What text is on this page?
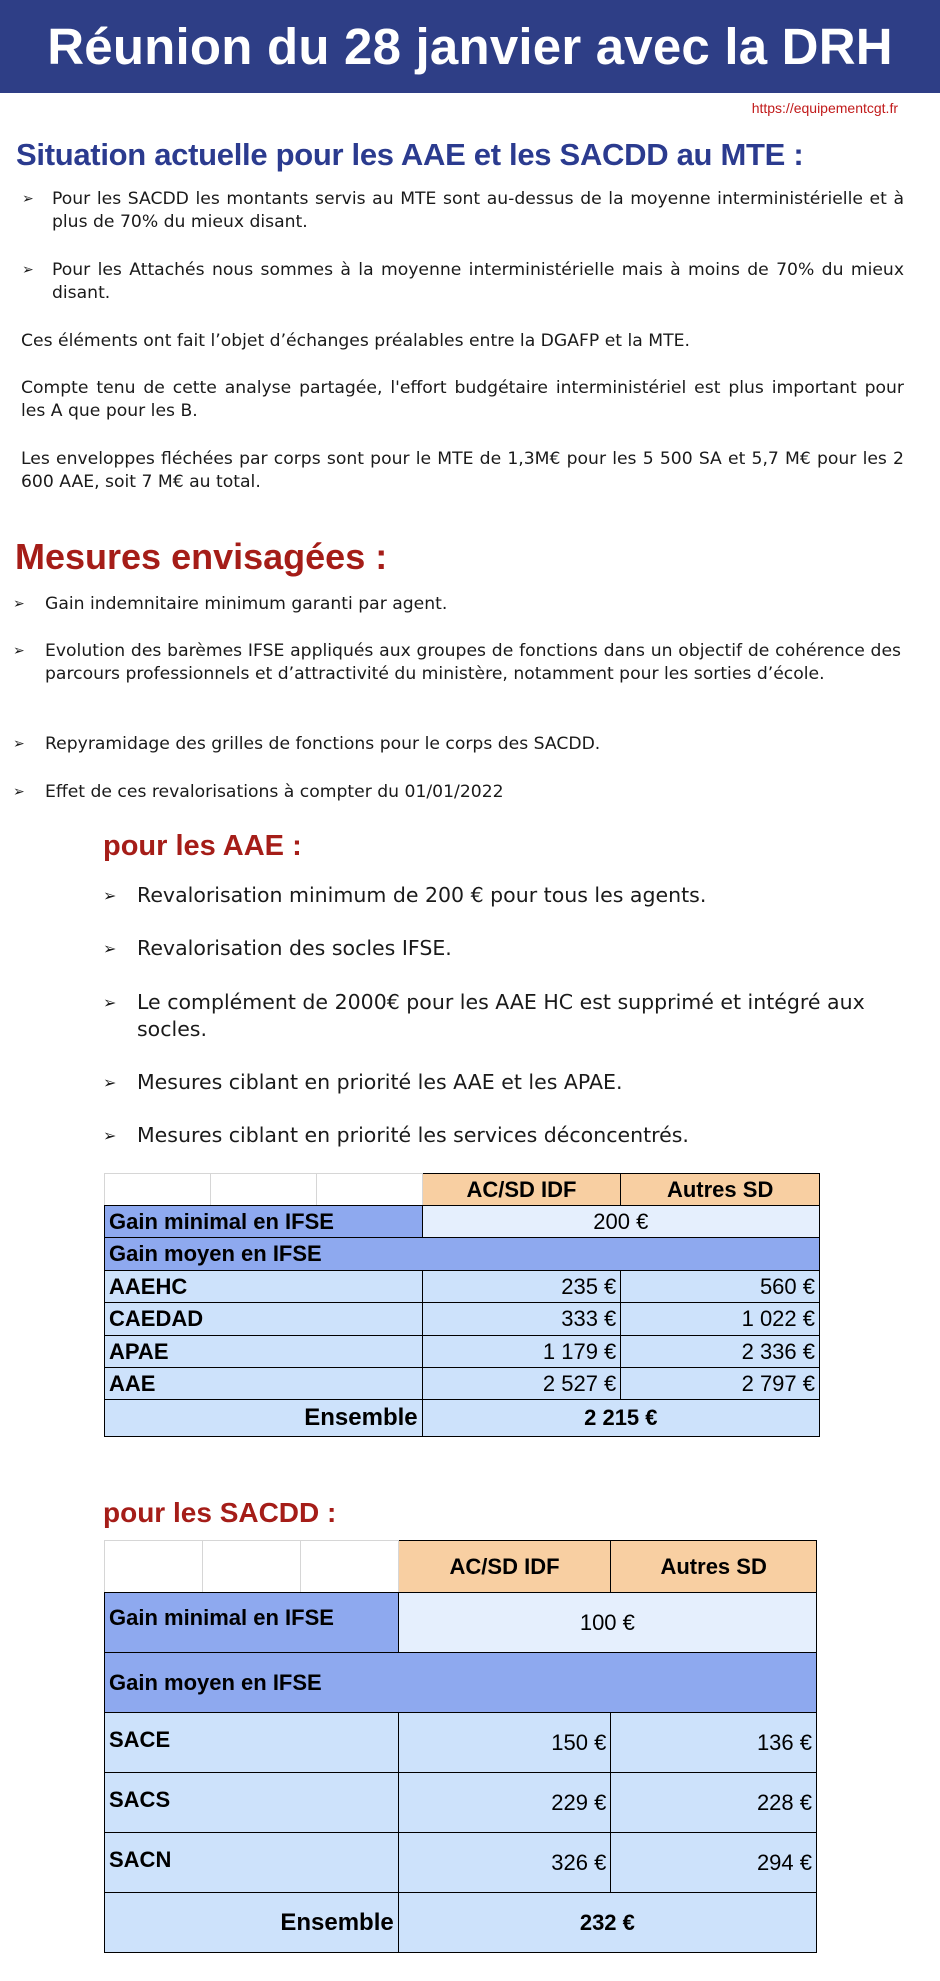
Réunion du 28 janvier avec la DRH
https://equipementcgt.fr
Situation actuelle pour les AAE et les SACDD au MTE :
➢	Pour les SACDD les montants servis au MTE sont au-dessus de la moyenne interministérielle et à plus de 70% du mieux disant.
➢	Pour les Attachés nous sommes à la moyenne interministérielle mais à moins de 70% du mieux disant.
Ces éléments ont fait l’objet d’échanges préalables entre la DGAFP et la MTE.
Compte tenu de cette analyse partagée, l'effort budgétaire interministériel est plus important pour les A que pour les B.
Les enveloppes fléchées par corps sont pour le MTE de 1,3M€ pour les 5 500 SA et 5,7 M€ pour les 2 600 AAE, soit 7 M€ au total.
Mesures envisagées :
➢	Gain indemnitaire minimum garanti par agent.
➢	Evolution des barèmes IFSE appliqués aux groupes de fonctions dans un objectif de cohérence des parcours professionnels et d’attractivité du ministère, notamment pour les sorties d’école.
➢	Repyramidage des grilles de fonctions pour le corps des SACDD.
➢	Effet de ces revalorisations à compter du 01/01/2022
pour les AAE :
➢	Revalorisation minimum de 200 € pour tous les agents.
➢	Revalorisation des socles IFSE.
➢	Le complément de 2000€ pour les AAE HC est supprimé et intégré aux socles.
➢	Mesures ciblant en priorité les AAE et les APAE.
➢	Mesures ciblant en priorité les services déconcentrés.
			AC/SD IDF	Autres SD
Gain minimal en IFSE			200 €	
Gain moyen en IFSE				
AAEHC			235 €	560 €
CAEDAD			333 €	1 022 €
APAE			1 179 €	2 336 €
AAE			2 527 €	2 797 €
Ensemble			2 215 €	
pour les SACDD :
			AC/SD IDF	Autres SD
Gain minimal en IFSE			100 €	
Gain moyen en IFSE				
SACE			150 €	136 €
SACS			229 €	228 €
SACN			326 €	294 €
Ensemble			232 €	
